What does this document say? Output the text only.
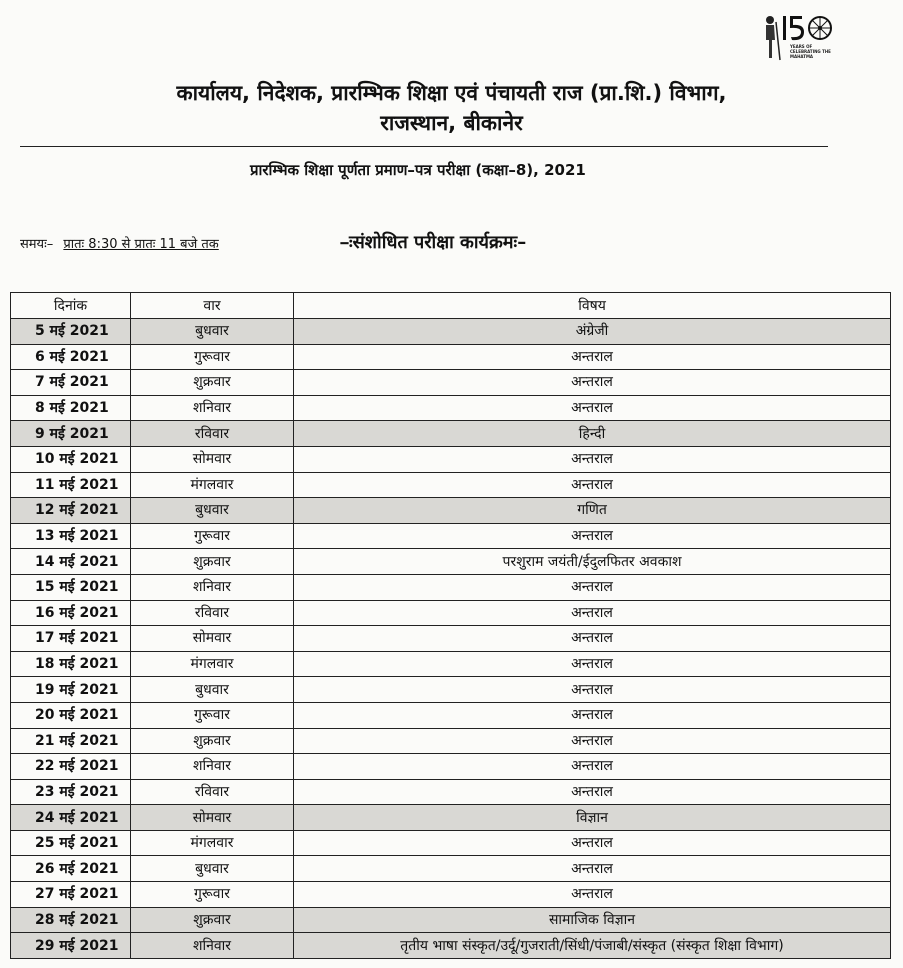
YEARS OF CELEBRATING THE MAHATMA
कार्यालय, निदेशक, प्रारम्भिक शिक्षा एवं पंचायती राज (प्रा.शि.) विभाग,
राजस्थान, बीकानेर
प्रारम्भिक शिक्षा पूर्णता प्रमाण–पत्र परीक्षा (कक्षा–8), 2021
समयः– प्रातः 8:30 से प्रातः 11 बजे तक	–ःसंशोधित परीक्षा कार्यक्रमः–
दिनांक	वार	विषय
5 मई 2021	बुधवार	अंग्रेजी
6 मई 2021	गुरूवार	अन्तराल
7 मई 2021	शुक्रवार	अन्तराल
8 मई 2021	शनिवार	अन्तराल
9 मई 2021	रविवार	हिन्दी
10 मई 2021	सोमवार	अन्तराल
11 मई 2021	मंगलवार	अन्तराल
12 मई 2021	बुधवार	गणित
13 मई 2021	गुरूवार	अन्तराल
14 मई 2021	शुक्रवार	परशुराम जयंती/ईदुलफितर अवकाश
15 मई 2021	शनिवार	अन्तराल
16 मई 2021	रविवार	अन्तराल
17 मई 2021	सोमवार	अन्तराल
18 मई 2021	मंगलवार	अन्तराल
19 मई 2021	बुधवार	अन्तराल
20 मई 2021	गुरूवार	अन्तराल
21 मई 2021	शुक्रवार	अन्तराल
22 मई 2021	शनिवार	अन्तराल
23 मई 2021	रविवार	अन्तराल
24 मई 2021	सोमवार	विज्ञान
25 मई 2021	मंगलवार	अन्तराल
26 मई 2021	बुधवार	अन्तराल
27 मई 2021	गुरूवार	अन्तराल
28 मई 2021	शुक्रवार	सामाजिक विज्ञान
29 मई 2021	शनिवार	तृतीय भाषा संस्कृत/उर्दू/गुजराती/सिंधी/पंजाबी/संस्कृत (संस्कृत शिक्षा विभाग)
